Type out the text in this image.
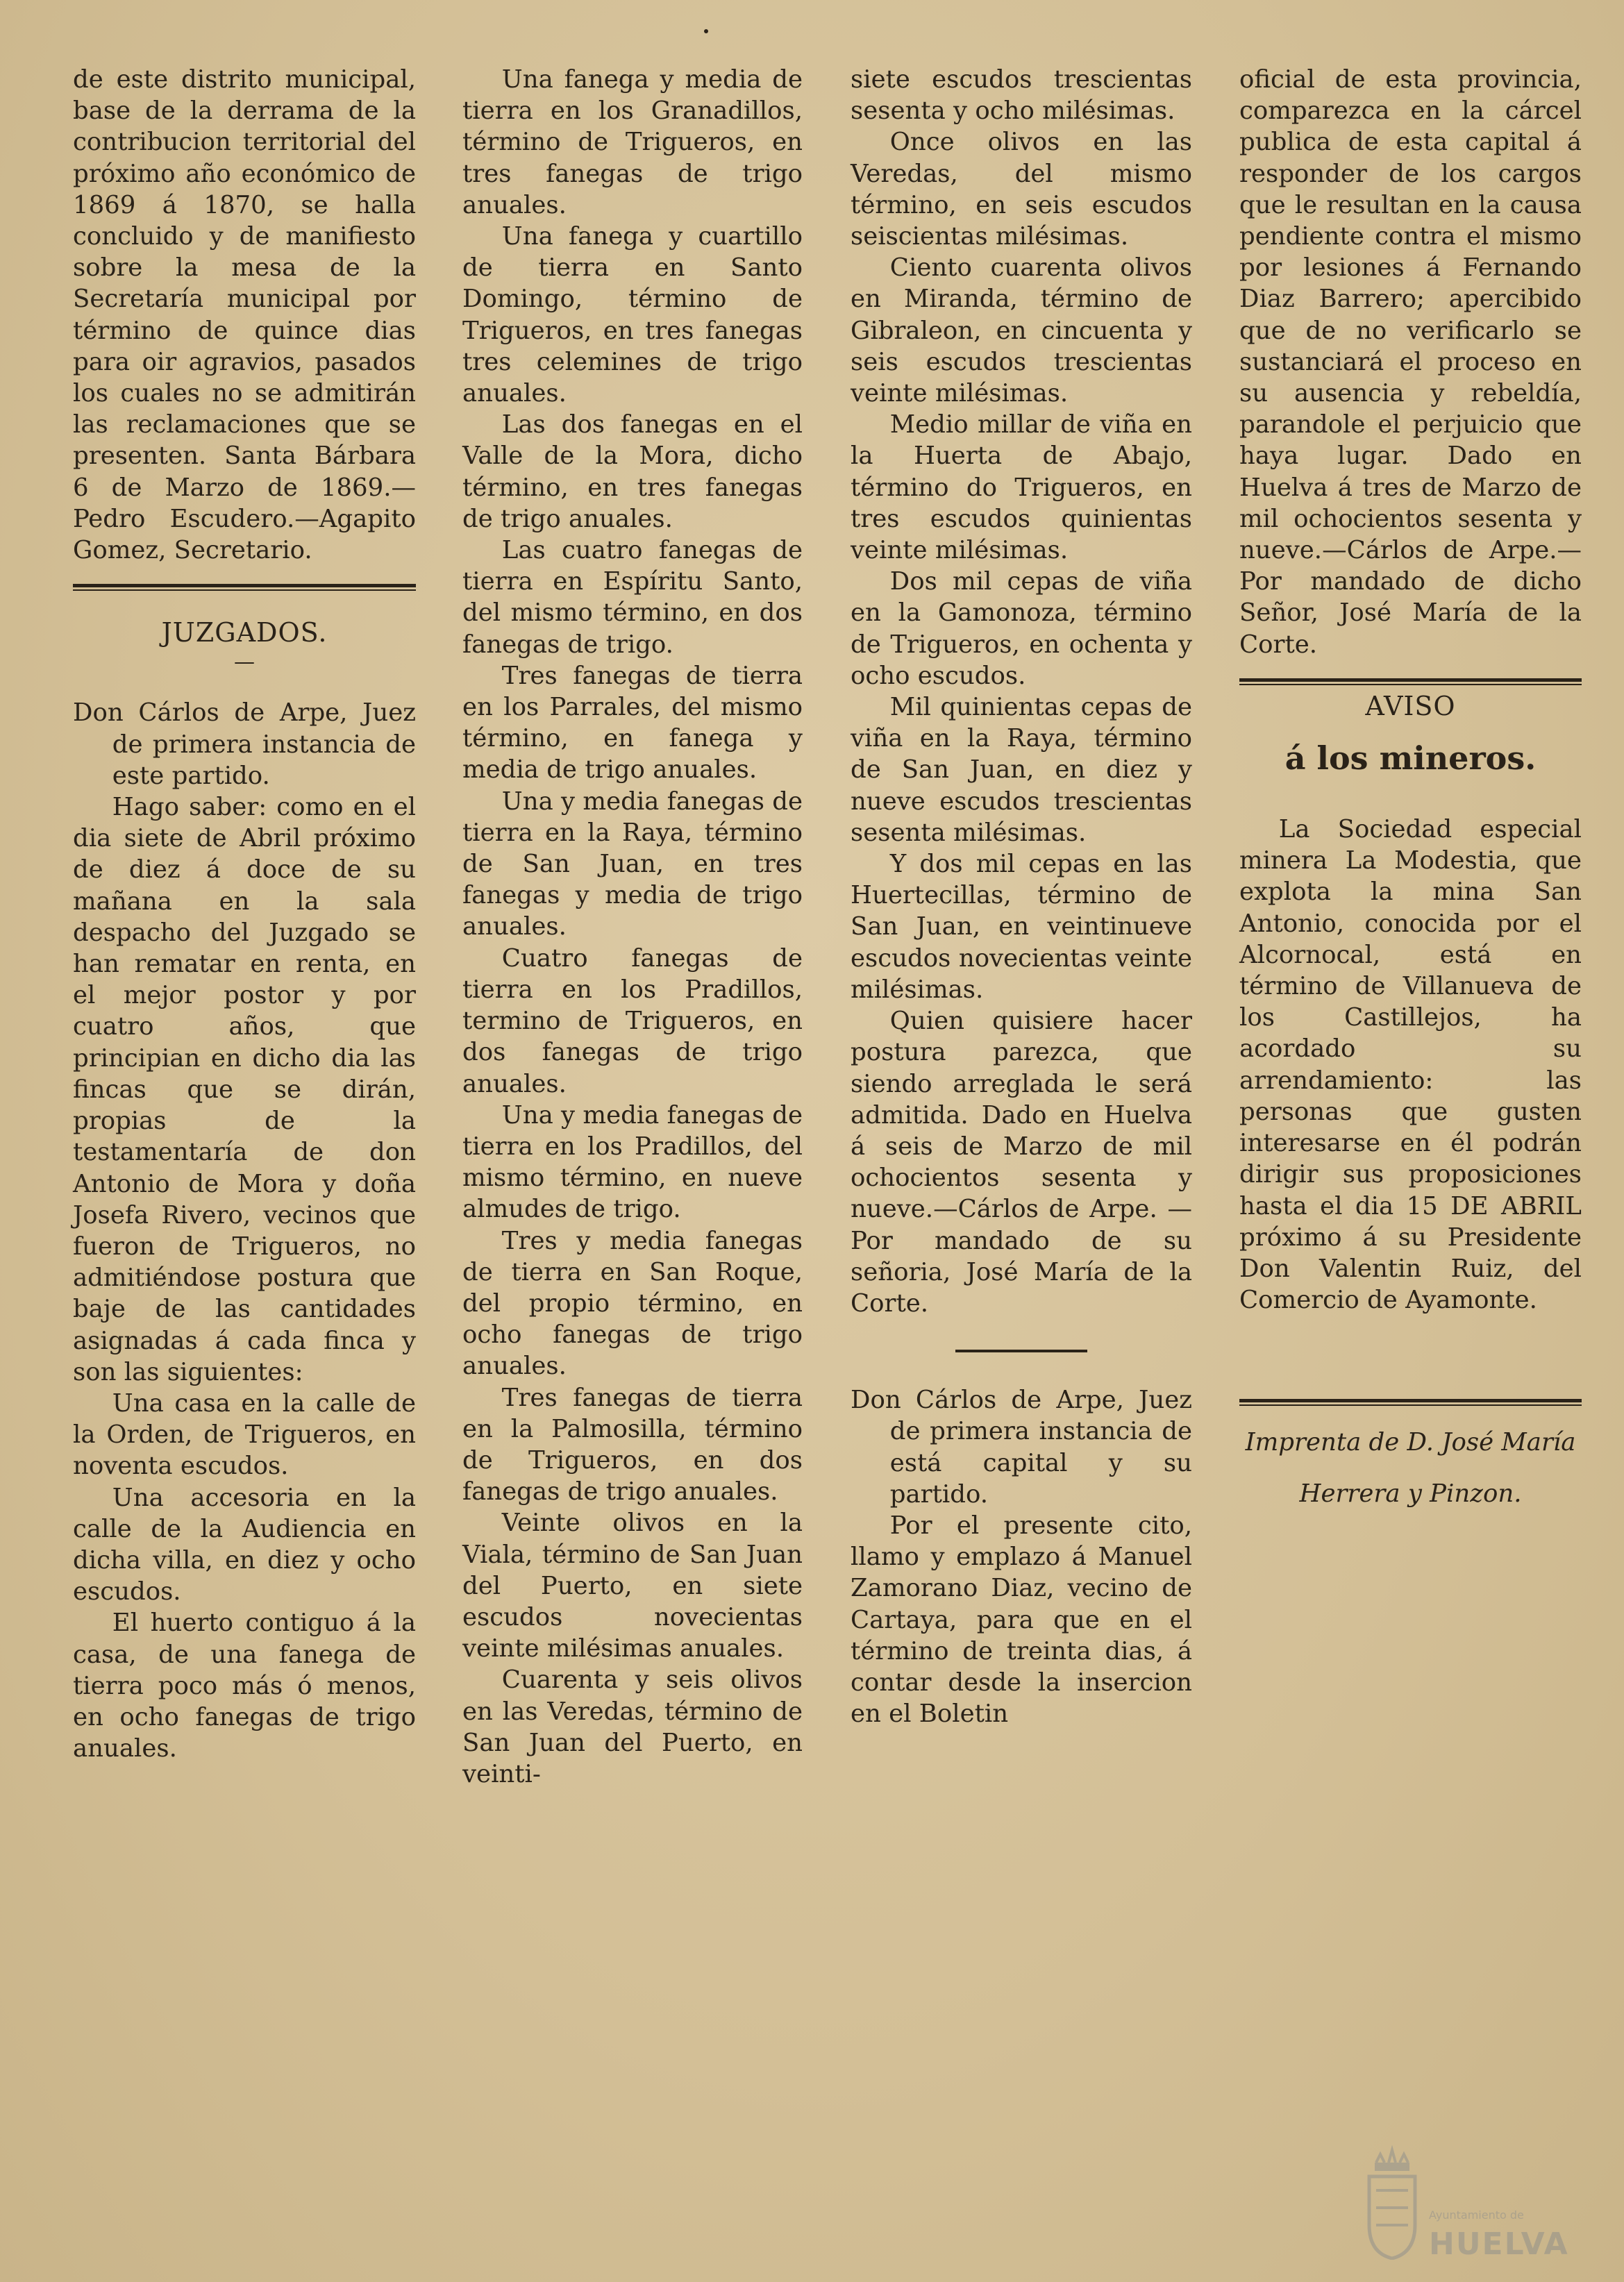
de este distrito municipal, base de la derrama de la contribucion territorial del próximo año económico de 1869 á 1870, se halla concluido y de manifiesto sobre la mesa de la Secretaría municipal por término de quince dias para oir agravios, pasados los cuales no se admitirán las reclamaciones que se presenten. Santa Bárbara 6 de Marzo de 1869.—Pedro Escudero.—Agapito Gomez, Secretario.

JUZGADOS.

—

Don Cárlos de Arpe, Juez de primera instancia de este partido.

Hago saber: como en el dia siete de Abril próximo de diez á doce de su mañana en la sala despacho del Juzgado se han rematar en renta, en el mejor postor y por cuatro años, que principian en dicho dia las fincas que se dirán, propias de la testamentaría de don Antonio de Mora y doña Josefa Rivero, vecinos que fueron de Trigueros, no admitiéndose postura que baje de las cantidades asignadas á cada finca y son las siguientes:

Una casa en la calle de la Orden, de Trigueros, en noventa escudos.

Una accesoria en la calle de la Audiencia en dicha villa, en diez y ocho escudos.

El huerto contiguo á la casa, de una fanega de tierra poco más ó menos, en ocho fanegas de trigo anuales.

Una fanega y media de tierra en los Granadillos, término de Trigueros, en tres fanegas de trigo anuales.

Una fanega y cuartillo de tierra en Santo Domingo, término de Trigueros, en tres fanegas tres celemines de trigo anuales.

Las dos fanegas en el Valle de la Mora, dicho término, en tres fanegas de trigo anuales.

Las cuatro fanegas de tierra en Espíritu Santo, del mismo término, en dos fanegas de trigo.

Tres fanegas de tierra en los Parrales, del mismo término, en fanega y media de trigo anuales.

Una y media fanegas de tierra en la Raya, término de San Juan, en tres fanegas y media de trigo anuales.

Cuatro fanegas de tierra en los Pradillos, termino de Trigueros, en dos fanegas de trigo anuales.

Una y media fanegas de tierra en los Pradillos, del mismo término, en nueve almudes de trigo.

Tres y media fanegas de tierra en San Roque, del propio término, en ocho fanegas de trigo anuales.

Tres fanegas de tierra en la Palmosilla, término de Trigueros, en dos fanegas de trigo anuales.

Veinte olivos en la Viala, término de San Juan del Puerto, en siete escudos novecientas veinte milésimas anuales.

Cuarenta y seis olivos en las Veredas, término de San Juan del Puerto, en veinti-

siete escudos trescientas sesenta y ocho milésimas.

Once olivos en las Veredas, del mismo término, en seis escudos seiscientas milésimas.

Ciento cuarenta olivos en Miranda, término de Gibraleon, en cincuenta y seis escudos trescientas veinte milésimas.

Medio millar de viña en la Huerta de Abajo, término do Trigueros, en tres escudos quinientas veinte milésimas.

Dos mil cepas de viña en la Gamonoza, término de Trigueros, en ochenta y ocho escudos.

Mil quinientas cepas de viña en la Raya, término de San Juan, en diez y nueve escudos trescientas sesenta milésimas.

Y dos mil cepas en las Huertecillas, término de San Juan, en veintinueve escudos novecientas veinte milésimas.

Quien quisiere hacer postura parezca, que siendo arreglada le será admitida. Dado en Huelva á seis de Marzo de mil ochocientos sesenta y nueve.—Cárlos de Arpe. —Por mandado de su señoria, José María de la Corte.

Don Cárlos de Arpe, Juez de primera instancia de está capital y su partido.

Por el presente cito, llamo y emplazo á Manuel Zamorano Diaz, vecino de Cartaya, para que en el término de treinta dias, á contar desde la insercion en el Boletin

oficial de esta provincia, comparezca en la cárcel publica de esta capital á responder de los cargos que le resultan en la causa pendiente contra el mismo por lesiones á Fernando Diaz Barrero; apercibido que de no verificarlo se sustanciará el proceso en su ausencia y rebeldía, parandole el perjuicio que haya lugar. Dado en Huelva á tres de Marzo de mil ochocientos sesenta y nueve.—Cárlos de Arpe.—Por mandado de dicho Señor, José María de la Corte.

AVISO

á los mineros.

La Sociedad especial minera La Modestia, que explota la mina San Antonio, conocida por el Alcornocal, está en término de Villanueva de los Castillejos, ha acordado su arrendamiento: las personas que gusten interesarse en él podrán dirigir sus proposiciones hasta el dia 15 DE ABRIL próximo á su Presidente Don Valentin Ruiz, del Comercio de Ayamonte.

Imprenta de D. José María

Herrera y Pinzon.

Ayuntamiento de
HUELVA
